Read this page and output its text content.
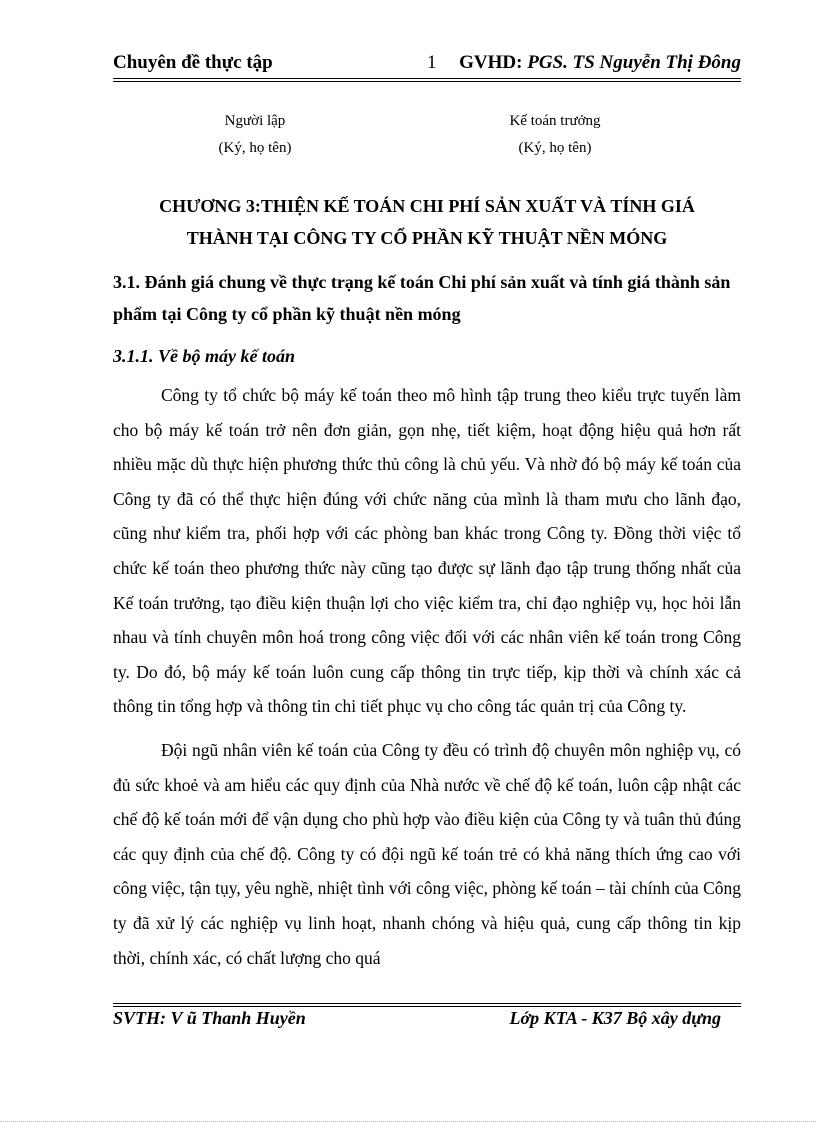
Chuyên đề thực tập	1 GVHD: PGS. TS Nguyễn Thị Đông
Người lập
(Ký, họ tên)
Kế toán trưởng
(Ký, họ tên)
CHƯƠNG 3:THIỆN KẾ TOÁN CHI PHÍ SẢN XUẤT VÀ TÍNH GIÁ
THÀNH TẠI CÔNG TY CỔ PHẦN KỸ THUẬT NỀN MÓNG
3.1. Đánh giá chung về thực trạng kế toán Chi phí sản xuất và tính giá thành sản phẩm tại Công ty cổ phần kỹ thuật nền móng
3.1.1. Về bộ máy kế toán

Công ty tổ chức bộ máy kế toán theo mô hình tập trung theo kiểu trực tuyến làm cho bộ máy kế toán trở nên đơn giản, gọn nhẹ, tiết kiệm, hoạt động hiệu quả hơn rất nhiều mặc dù thực hiện phương thức thủ công là chủ yếu. Và nhờ đó bộ máy kế toán của Công ty đã có thể thực hiện đúng với chức năng của mình là tham mưu cho lãnh đạo, cũng như kiểm tra, phối hợp với các phòng ban khác trong Công ty. Đồng thời việc tổ chức kế toán theo phương thức này cũng tạo được sự lãnh đạo tập trung thống nhất của Kế toán trưởng, tạo điều kiện thuận lợi cho việc kiểm tra, chỉ đạo nghiệp vụ, học hỏi lẫn nhau và tính chuyên môn hoá trong công việc đối với các nhân viên kế toán trong Công ty. Do đó, bộ máy kế toán luôn cung cấp thông tin trực tiếp, kịp thời và chính xác cả thông tin tổng hợp và thông tin chi tiết phục vụ cho công tác quản trị của Công ty.

Đội ngũ nhân viên kế toán của Công ty đều có trình độ chuyên môn nghiệp vụ, có đủ sức khoẻ và am hiểu các quy định của Nhà nước về chế độ kế toán, luôn cập nhật các chế độ kế toán mới để vận dụng cho phù hợp vào điều kiện của Công ty và tuân thủ đúng các quy định của chế độ. Công ty có đội ngũ kế toán trẻ có khả năng thích ứng cao với công việc, tận tụy, yêu nghề, nhiệt tình với công việc, phòng kế toán – tài chính của Công ty đã xử lý các nghiệp vụ linh hoạt, nhanh chóng và hiệu quả, cung cấp thông tin kịp thời, chính xác, có chất lượng cho quá

SVTH: V ũ Thanh Huyền	Lớp KTA - K37 Bộ xây dựng
